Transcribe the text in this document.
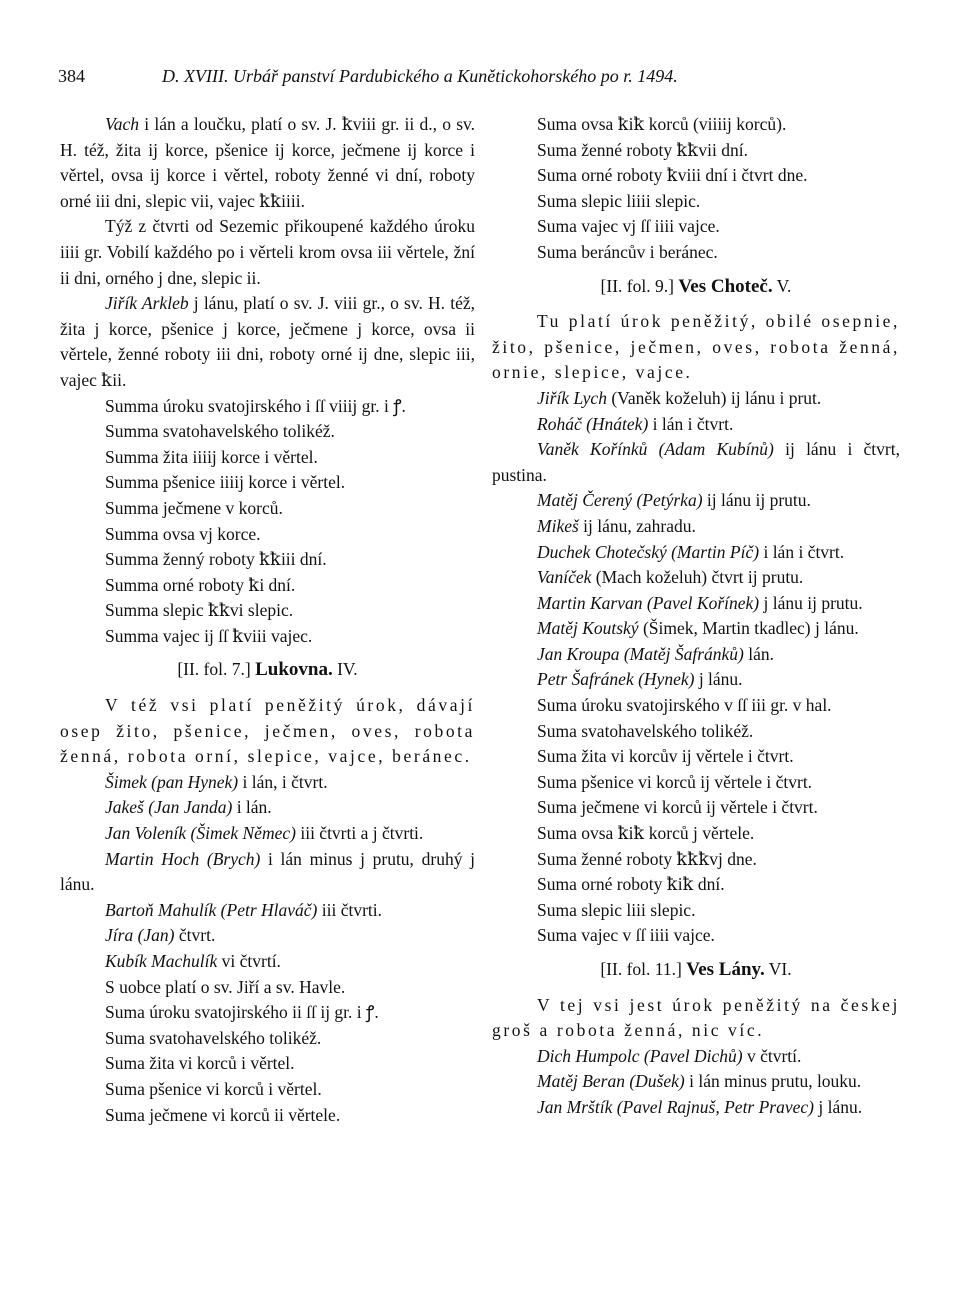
384	D. XVIII. Urbář panství Pardubického a Kunětickohorského po r. 1494.

Vach i lán a loučku, platí o sv. J. ꝁviii gr. ii d., o sv. H. též, žita ij korce, pšenice ij korce, ječmene ij korce i věrtel, ovsa ij korce i věrtel, roboty ženné vi dní, roboty orné iii dni, slepic vii, vajec ꝁꝁiiii.

Týž z čtvrti od Sezemic přikoupené každého úroku iiii gr. Vobilí každého po i věrteli krom ovsa iii věrtele, žní ii dni, orného j dne, slepic ii.

Jiřík Arkleb j lánu, platí o sv. J. viii gr., o sv. H. též, žita j korce, pšenice j korce, ječmene j korce, ovsa ii věrtele, ženné roboty iii dni, roboty orné ij dne, slepic iii, vajec ꝁii.

Summa úroku svatojirského i ſſ viiij gr. i ꝭ.

Summa svatohavelského tolikéž.

Summa žita iiiij korce i věrtel.

Summa pšenice iiiij korce i věrtel.

Summa ječmene v korců.

Summa ovsa vj korce.

Summa ženný roboty ꝁꝁiii dní.

Summa orné roboty ꝁi dní.

Summa slepic ꝁꝁvi slepic.

Summa vajec ij ſſ ꝁviii vajec.

[II. fol. 7.] Lukovna. IV.

V též vsi platí peněžitý úrok, dávají osep žito, pšenice, ječmen, oves, robota ženná, robota orní, slepice, vajce, beránec.

Šimek (pan Hynek) i lán, i čtvrt.

Jakeš (Jan Janda) i lán.

Jan Voleník (Šimek Němec) iii čtvrti a j čtvrti.

Martin Hoch (Brych) i lán minus j prutu, druhý j lánu.

Bartoň Mahulík (Petr Hlaváč) iii čtvrti.

Jíra (Jan) čtvrt.

Kubík Machulík vi čtvrtí.

S uobce platí o sv. Jiří a sv. Havle.

Suma úroku svatojirského ii ſſ ij gr. i ꝭ.

Suma svatohavelského tolikéž.

Suma žita vi korců i věrtel.

Suma pšenice vi korců i věrtel.

Suma ječmene vi korců ii věrtele.

Suma ovsa ꝁiꝁ korců (viiiij korců).

Suma ženné roboty ꝁꝁvii dní.

Suma orné roboty ꝁviii dní i čtvrt dne.

Suma slepic liiii slepic.

Suma vajec vj ſſ iiii vajce.

Suma beráncův i beránec.

[II. fol. 9.] Ves Choteč. V.

Tu platí úrok peněžitý, obilé osepnie, žito, pšenice, ječmen, oves, robota ženná, ornie, slepice, vajce.

Jiřík Lych (Vaněk koželuh) ij lánu i prut.

Roháč (Hnátek) i lán i čtvrt.

Vaněk Kořínků (Adam Kubínů) ij lánu i čtvrt, pustina.

Matěj Čerený (Petýrka) ij lánu ij prutu.

Mikeš ij lánu, zahradu.

Duchek Chotečský (Martin Píč) i lán i čtvrt.

Vaníček (Mach koželuh) čtvrt ij prutu.

Martin Karvan (Pavel Kořínek) j lánu ij prutu.

Matěj Koutský (Šimek, Martin tkadlec) j lánu.

Jan Kroupa (Matěj Šafránků) lán.

Petr Šafránek (Hynek) j lánu.

Suma úroku svatojirského v ſſ iii gr. v hal.

Suma svatohavelského tolikéž.

Suma žita vi korcův ij věrtele i čtvrt.

Suma pšenice vi korců ij věrtele i čtvrt.

Suma ječmene vi korců ij věrtele i čtvrt.

Suma ovsa ꝁiꝁ korců j věrtele.

Suma ženné roboty ꝁꝁꝁvj dne.

Suma orné roboty ꝁiꝁ dní.

Suma slepic liii slepic.

Suma vajec v ſſ iiii vajce.

[II. fol. 11.] Ves Lány. VI.

V tej vsi jest úrok peněžitý na českej groš a robota ženná, nic víc.

Dich Humpolc (Pavel Dichů) v čtvrtí.

Matěj Beran (Dušek) i lán minus prutu, louku.

Jan Mrštík (Pavel Rajnuš, Petr Pravec) j lánu.
